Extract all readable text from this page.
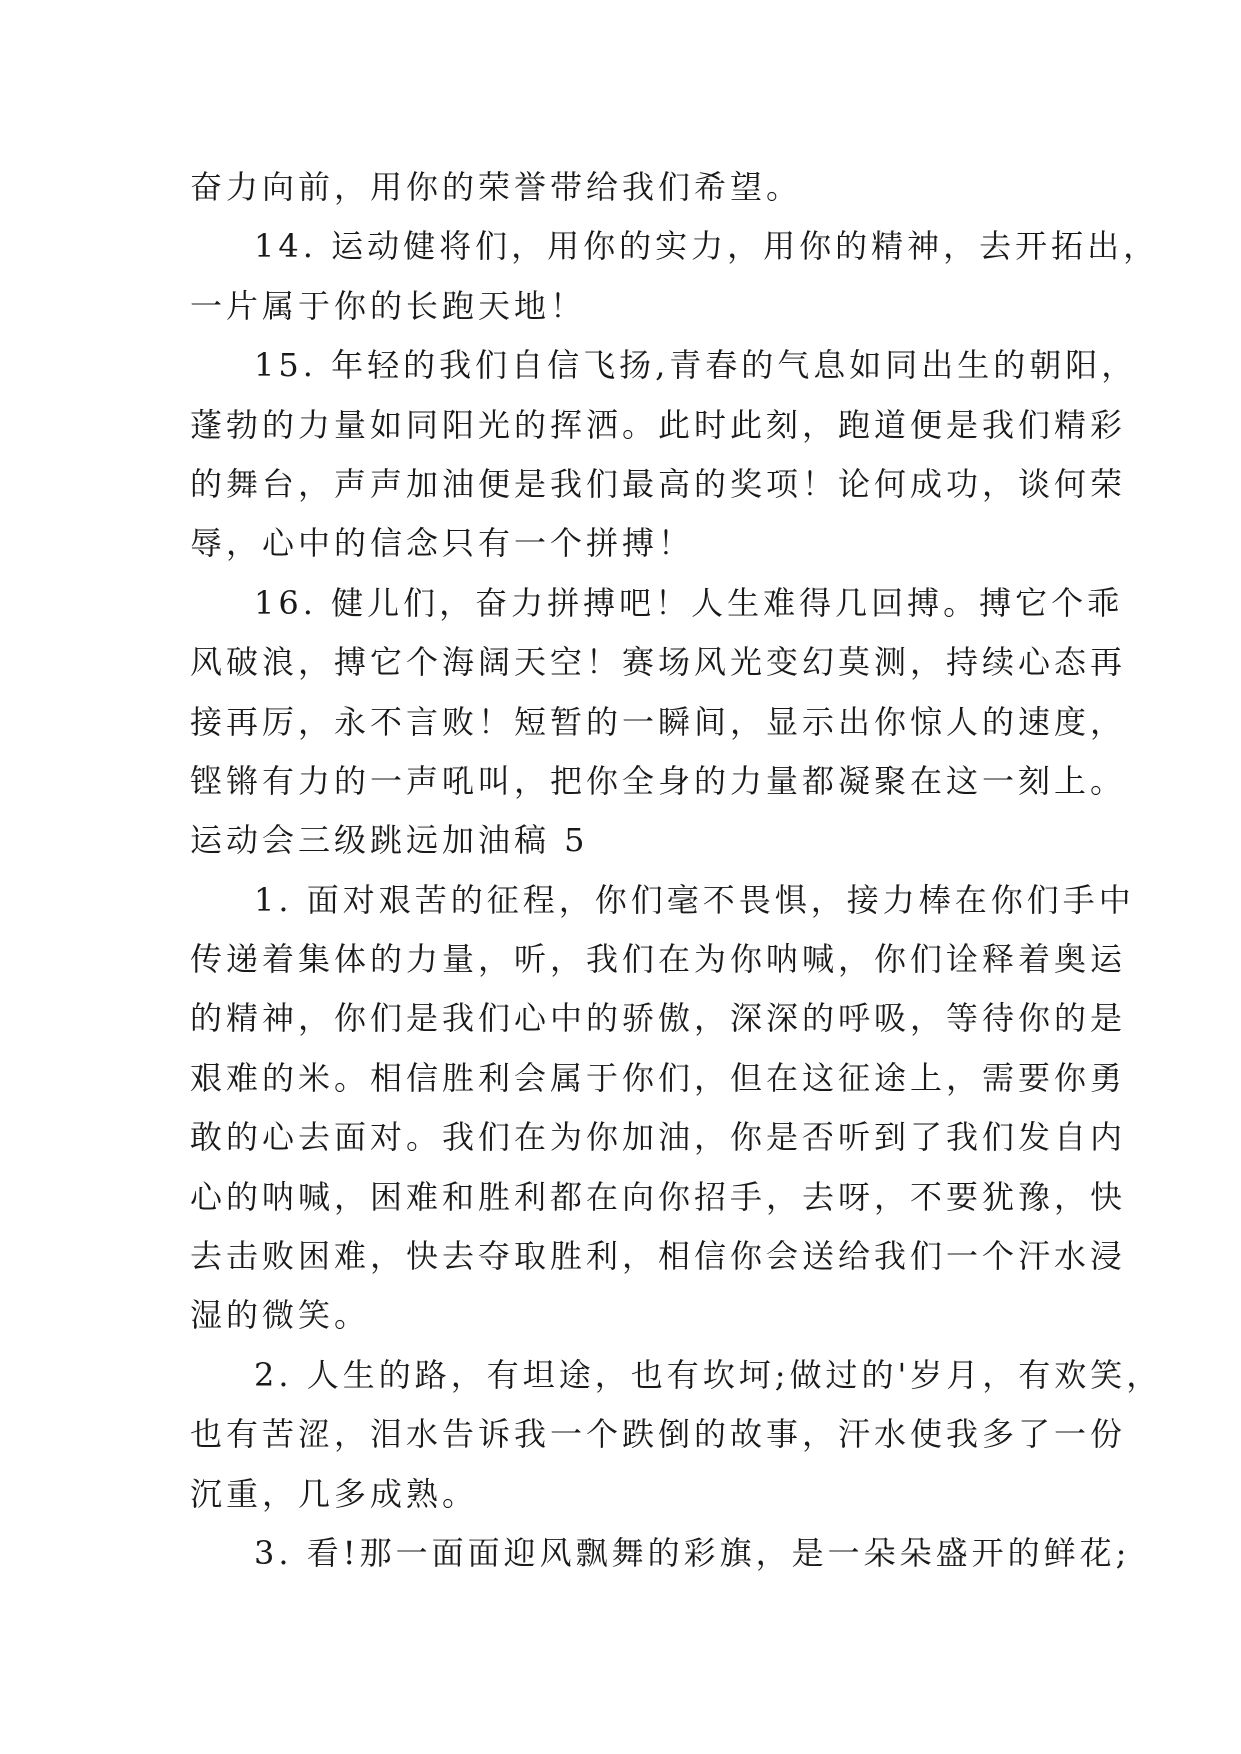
奋力向前，用你的荣誉带给我们希望。
14. 运动健将们，用你的实力，用你的精神，去开拓出，
一片属于你的长跑天地！
15. 年轻的我们自信飞扬,青春的气息如同出生的朝阳，
蓬勃的力量如同阳光的挥洒。此时此刻，跑道便是我们精彩
的舞台，声声加油便是我们最高的奖项！论何成功，谈何荣
辱，心中的信念只有一个拼搏！
16. 健儿们，奋力拼搏吧！人生难得几回搏。搏它个乖
风破浪，搏它个海阔天空！赛场风光变幻莫测，持续心态再
接再厉，永不言败！短暂的一瞬间，显示出你惊人的速度，
铿锵有力的一声吼叫，把你全身的力量都凝聚在这一刻上。
运动会三级跳远加油稿 5
1. 面对艰苦的征程，你们毫不畏惧，接力棒在你们手中
传递着集体的力量，听，我们在为你呐喊，你们诠释着奥运
的精神，你们是我们心中的骄傲，深深的呼吸，等待你的是
艰难的米。相信胜利会属于你们，但在这征途上，需要你勇
敢的心去面对。我们在为你加油，你是否听到了我们发自内
心的呐喊，困难和胜利都在向你招手，去呀，不要犹豫，快
去击败困难，快去夺取胜利，相信你会送给我们一个汗水浸
湿的微笑。
2. 人生的路，有坦途，也有坎坷;做过的'岁月，有欢笑，
也有苦涩，泪水告诉我一个跌倒的故事，汗水使我多了一份
沉重，几多成熟。
3. 看!那一面面迎风飘舞的彩旗，是一朵朵盛开的鲜花;
